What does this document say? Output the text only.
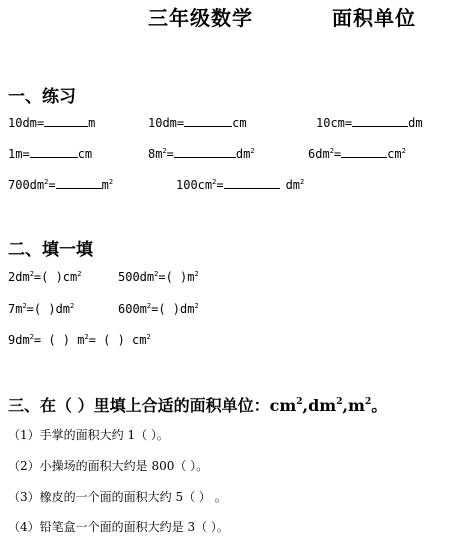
三年级数学	面积单位
一、练习
10dm=	m	10dm=	cm	10cm=	dm
1m=	cm	$8m^2=$	$dm^2$	$6dm^2=$	$cm^2$
$700dm^2=$	$m^2$	$100cm^2=$	$dm^2$
二、填一填
$2dm^2=$( )$cm^2$	$500dm^2=$( )$m^2$
$7m^2=$( )$dm^2$	$600m^2=$( )$dm^2$
$9dm^2=$ ( ) $m^2=$ ( ) $cm^2$
三、在（ ）里填上合适的面积单位：$cm^2,dm^2,m^2$。
（1）手掌的面积大约 1（ ）。
（2）小操场的面积大约是 800（ ）。
（3）橡皮的一个面的面积大约 5（ ） 。
（4）铅笔盒一个面的面积大约是 3（ ）。
